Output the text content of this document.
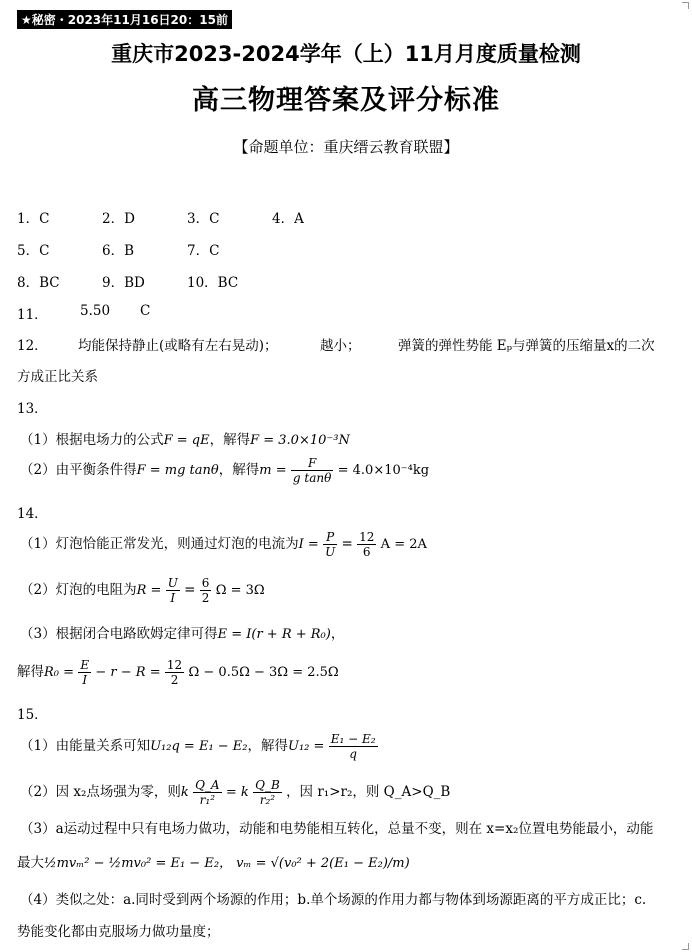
★秘密・2023年11月16日20：15前
重庆市2023-2024学年（上）11月月度质量检测
高三物理答案及评分标准
【命题单位：重庆缙云教育联盟】
1．C	2．D	3．C	4．A
5．C	6．B	7．C
8．BC	9．BD	10．BC
11． 5.50 C
12． 均能保持静止(或略有左右晃动)；	越小；	弹簧的弹性势能 Eₚ与弹簧的压缩量x的二次
方成正比关系
13．
（1）根据电场力的公式F = qE，解得F = 3.0×10⁻³N
（2）由平衡条件得F = mg tanθ，解得$m = \frac{F}{\text{g tanθ}} = 4.0\times 10^{-4}kg$
14．
（1）灯泡恰能正常发光，则通过灯泡的电流为$I = \frac{P}{U} = \frac{12}{6}$ A = 2A
（2）灯泡的电阻为$R = \frac{U}{I} = \frac{6}{2}$ Ω = 3Ω
（3）根据闭合电路欧姆定律可得E = I(r + R + R₀)，
解得$R_0 = \frac{E}{I} - r - R = \frac{12}{2}$ Ω − 0.5Ω − 3Ω = 2.5Ω
15．
（1）由能量关系可知U₁₂q = E₁ − E₂，解得$U_{12} = \frac{\text{E₁ − E₂}}{q}$
（2）因 x₂点场强为零，则k $\frac{Q\_A}{\text{r₁²}} = k \frac{Q\_B}{\text{r₂²}}$ ，因 r₁>r₂，则 Q_A>Q_B
（3）a运动过程中只有电场力做功，动能和电势能相互转化，总量不变，则在 x=x₂位置电势能最小，动能
最大½mvₘ² − ½mv₀² = E₁ − E₂， vₘ = √(v₀² + 2(E₁ − E₂)/m)
（4）类似之处：a.同时受到两个场源的作用；b.单个场源的作用力都与物体到场源距离的平方成正比；c.
势能变化都由克服场力做功量度；
